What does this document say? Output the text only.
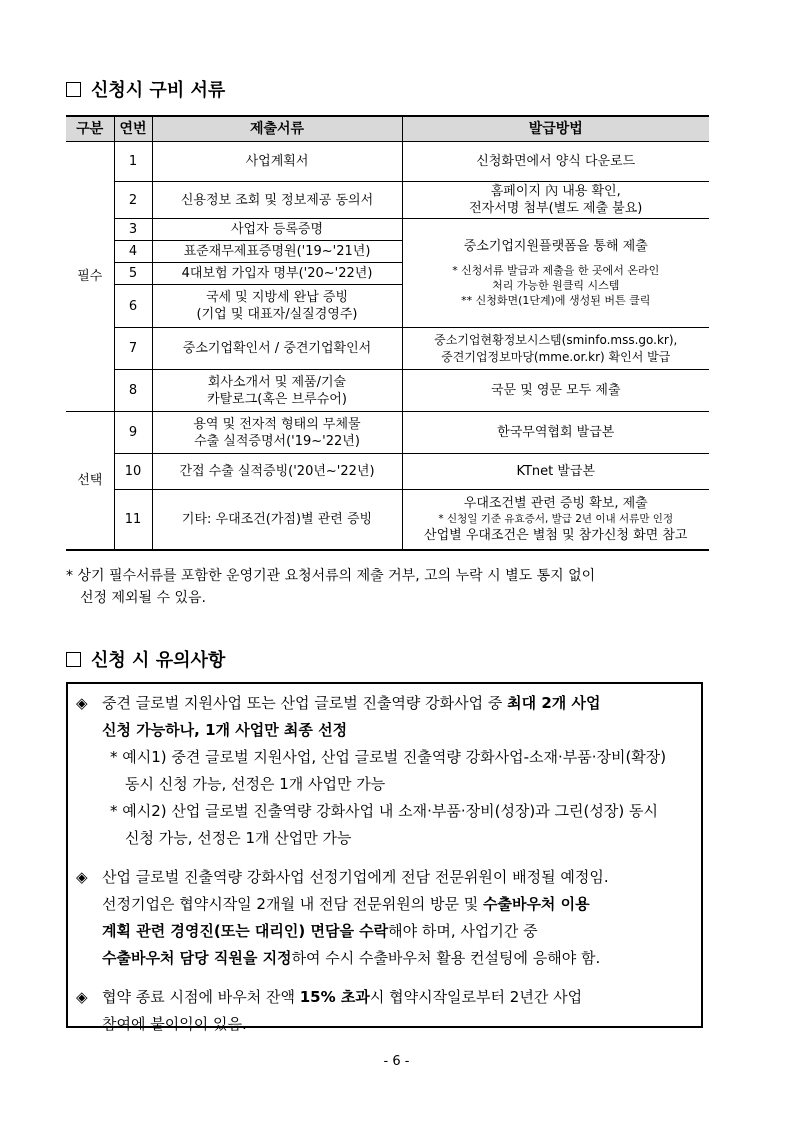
신청시 구비 서류
구분	연번	제출서류	발급방법
필수	1	사업계획서	신청화면에서 양식 다운로드
	2	신용정보 조회 및 정보제공 동의서	홈페이지 內 내용 확인,
전자서명 첨부(별도 제출 불요)

	3	사업자 등록증명	중소기업지원플랫폼을 통해 제출
* 신청서류 발급과 제출을 한 곳에서 온라인
처리 가능한 원클릭 시스템
** 신청화면(1단계)에 생성된 버튼 클릭

	4	표준재무제표증명원('19~'21년)	
	5	4대보험 가입자 명부('20~'22년)	
	6	국세 및 지방세 완납 증빙
(기업 및 대표자/실질경영주)	

	7	중소기업확인서 / 중견기업확인서	중소기업현황정보시스템(sminfo.mss.go.kr),
중견기업정보마당(mme.or.kr) 확인서 발급

	8	회사소개서 및 제품/기술
카탈로그(혹은 브루슈어)	국문 및 영문 모두 제출
선택	9	용역 및 전자적 형태의 무체물
수출 실적증명서('19~'22년)	한국무역협회 발급본
	10	간접 수출 실적증빙('20년~'22년)	KTnet 발급본
	11	기타: 우대조건(가점)별 관련 증빙	우대조건별 관련 증빙 확보, 제출
* 신청일 기준 유효증서, 발급 2년 이내 서류만 인정
산업별 우대조건은 별첨 및 참가신청 화면 참고
* 상기 필수서류를 포함한 운영기관 요청서류의 제출 거부, 고의 누락 시 별도 통지 없이
선정 제외될 수 있음.
신청 시 유의사항
◈ 중견 글로벌 지원사업 또는 산업 글로벌 진출역량 강화사업 중 최대 2개 사업
신청 가능하나, 1개 사업만 최종 선정
* 예시1) 중견 글로벌 지원사업, 산업 글로벌 진출역량 강화사업-소재·부품·장비(확장)
동시 신청 가능, 선정은 1개 사업만 가능
* 예시2) 산업 글로벌 진출역량 강화사업 내 소재·부품·장비(성장)과 그린(성장) 동시
신청 가능, 선정은 1개 산업만 가능
◈ 산업 글로벌 진출역량 강화사업 선정기업에게 전담 전문위원이 배정될 예정임.
선정기업은 협약시작일 2개월 내 전담 전문위원의 방문 및 수출바우처 이용
계획 관련 경영진(또는 대리인) 면담을 수락해야 하며, 사업기간 중
수출바우처 담당 직원을 지정하여 수시 수출바우처 활용 컨설팅에 응해야 함.
◈ 협약 종료 시점에 바우처 잔액 15% 초과시 협약시작일로부터 2년간 사업
참여에 불이익이 있음.
- 6 -
